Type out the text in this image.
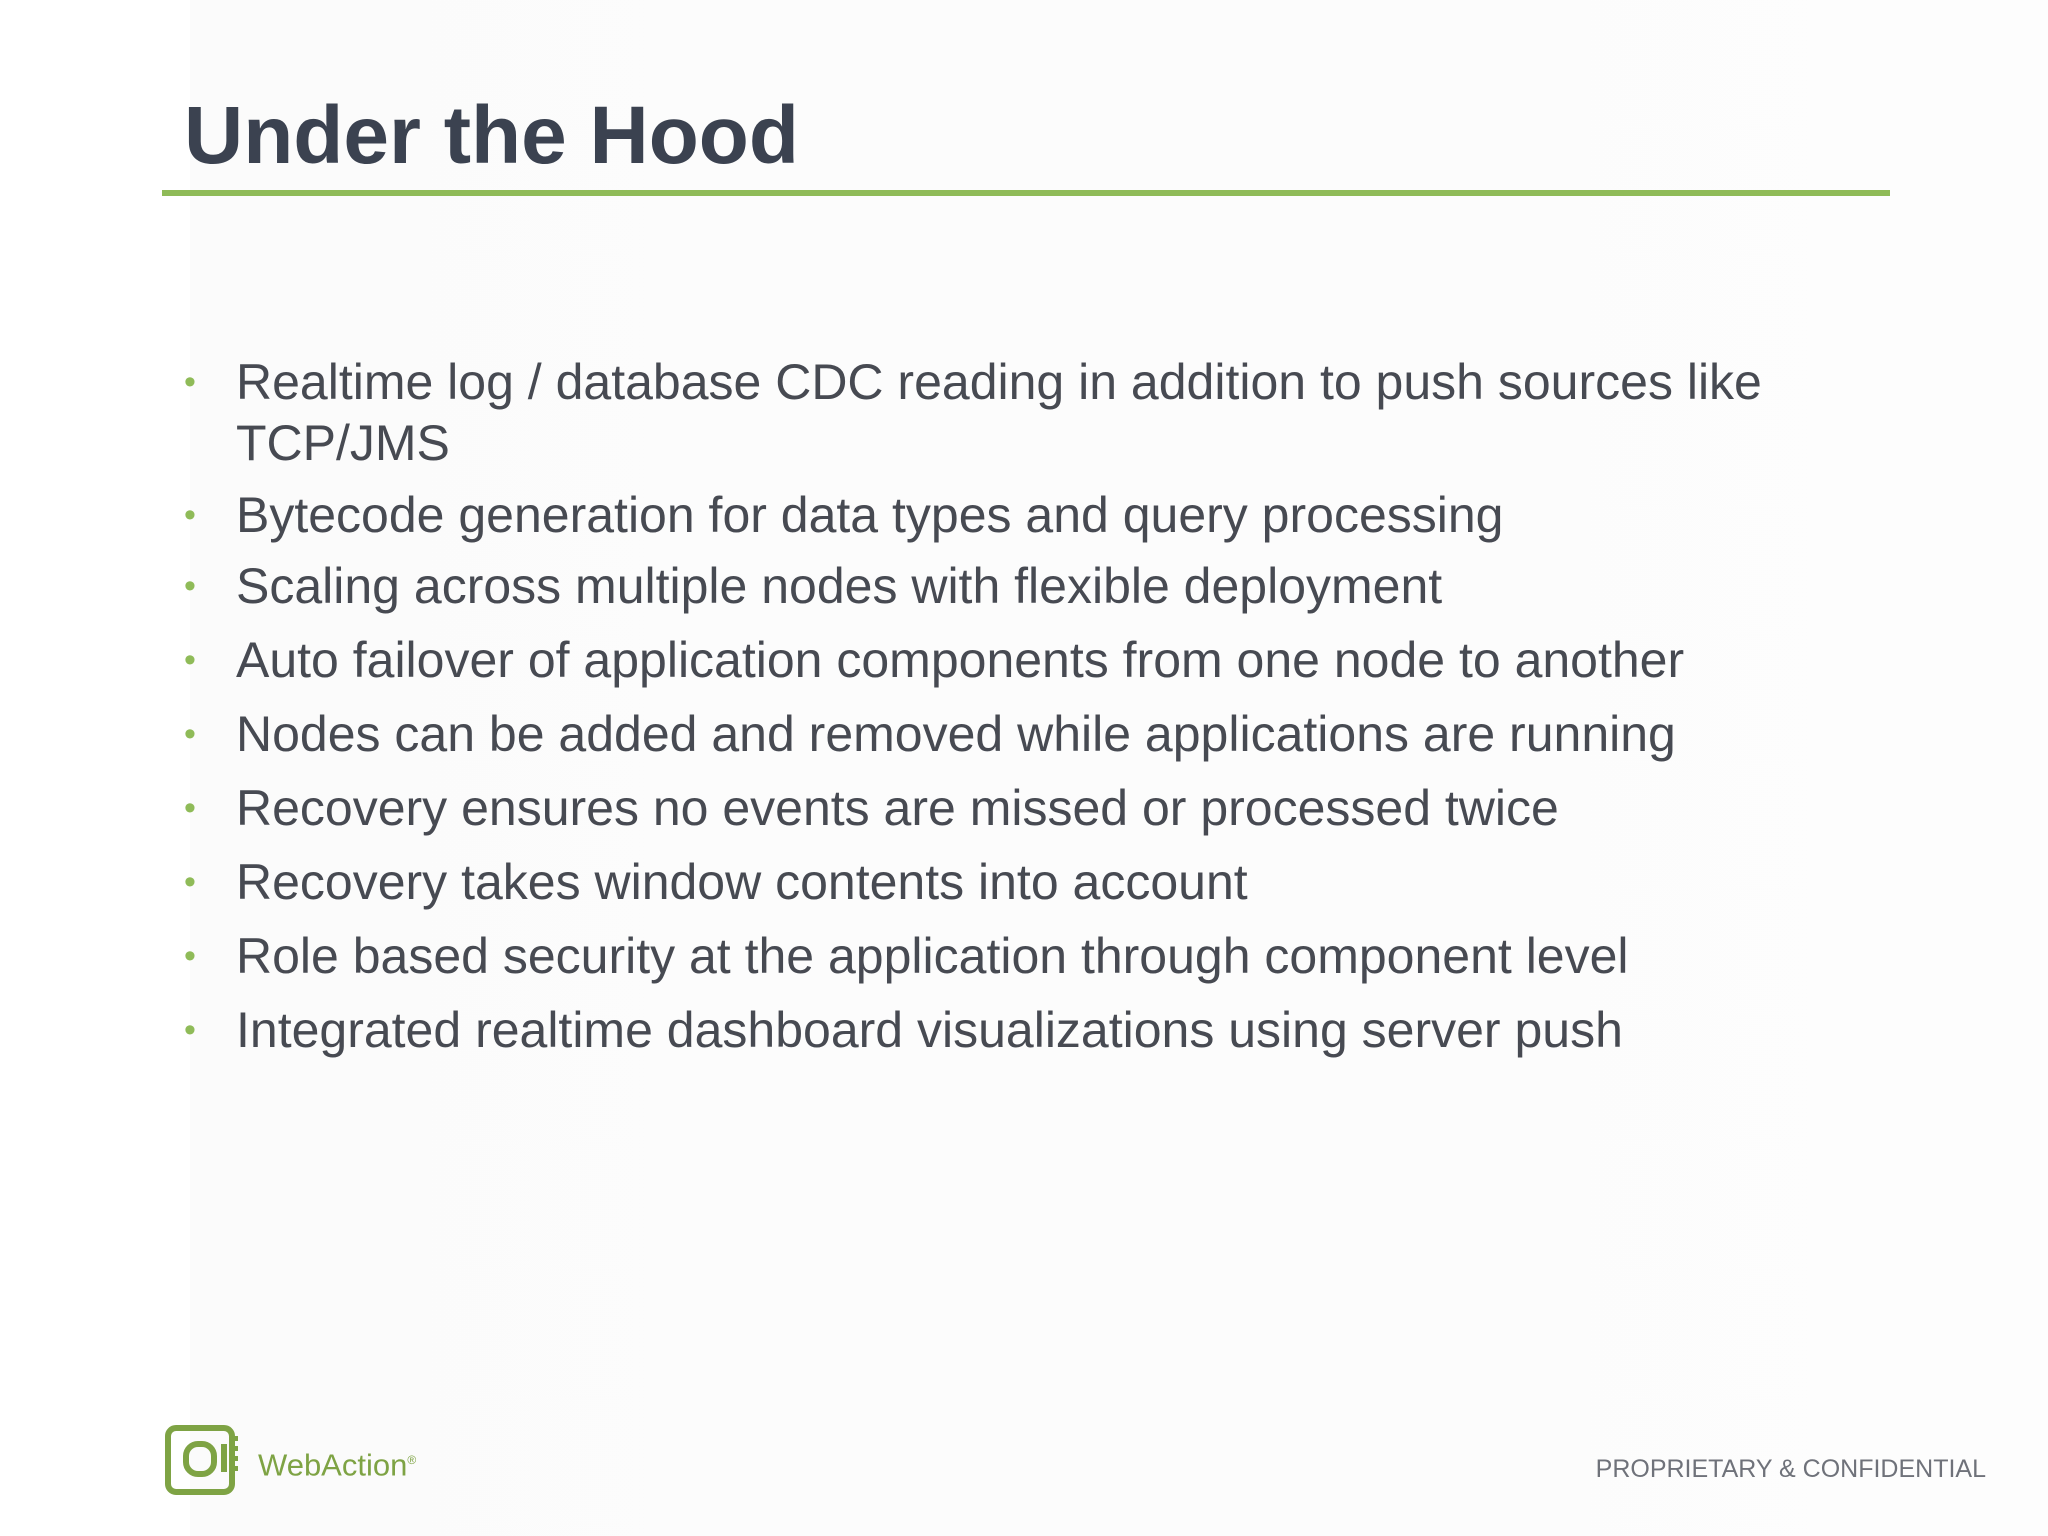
Under the Hood
• Realtime log / database CDC reading in addition to push sources like TCP/JMS
• Bytecode generation for data types and query processing
• Scaling across multiple nodes with flexible deployment
• Auto failover of application components from one node to another
• Nodes can be added and removed while applications are running
• Recovery ensures no events are missed or processed twice
• Recovery takes window contents into account
• Role based security at the application through component level
• Integrated realtime dashboard visualizations using server push
WebAction®	PROPRIETARY & CONFIDENTIAL
